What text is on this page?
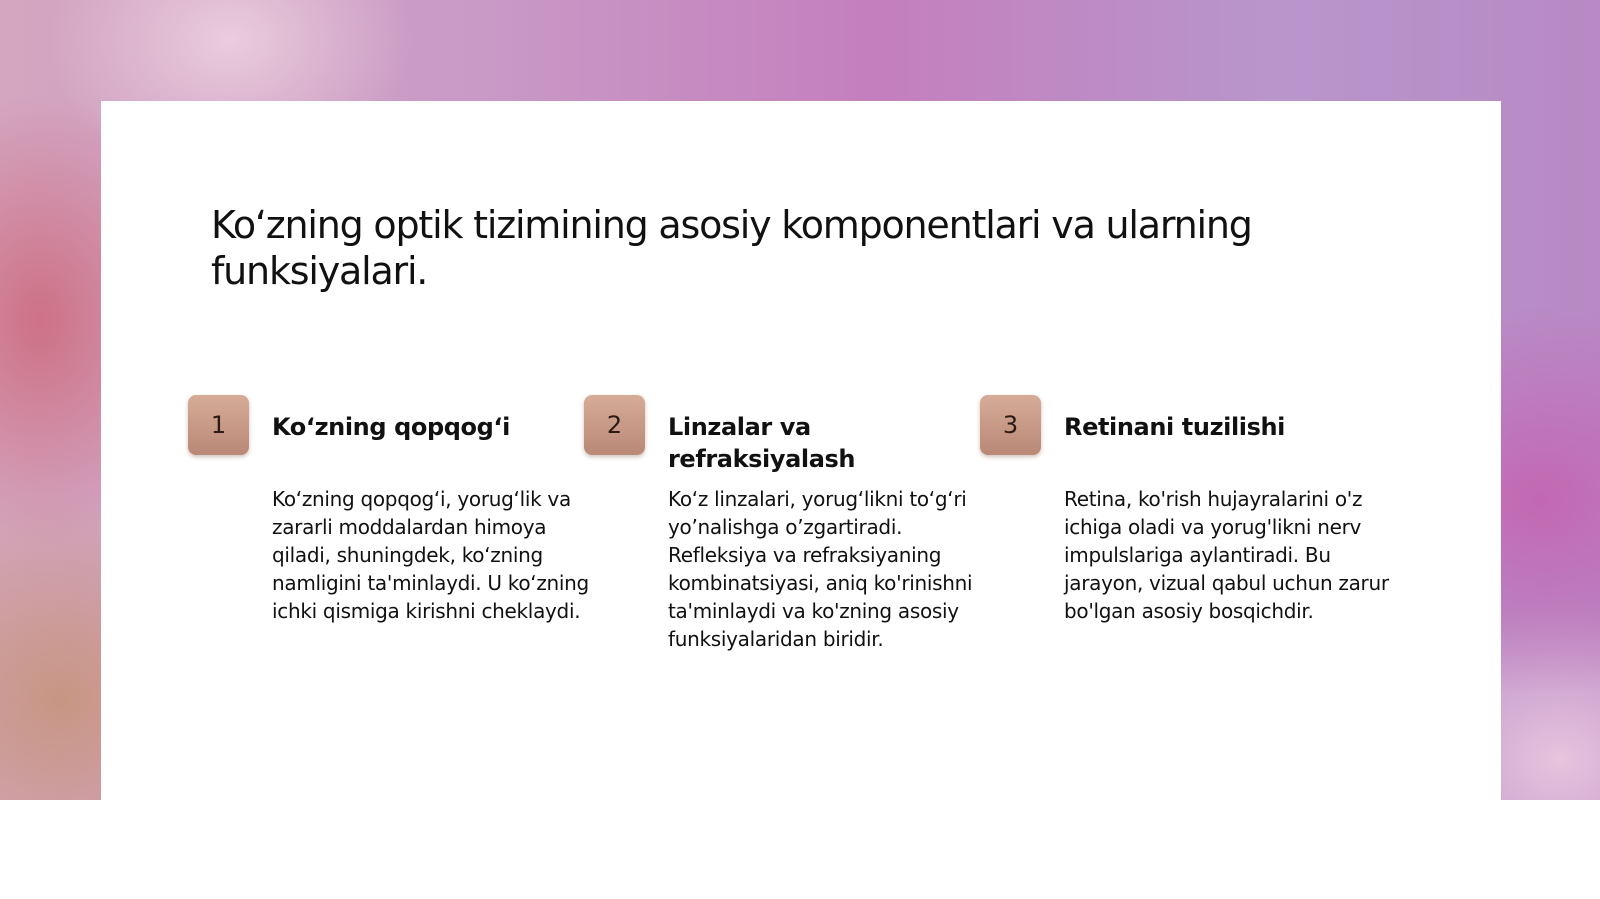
Ko‘zning optik tizimining asosiy komponentlari va ularning funksiyalari.
1	Ko‘zning qopqog‘i

Ko‘zning qopqog‘i, yorug‘lik va zararli moddalardan himoya qiladi, shuningdek, ko‘zning namligini ta'minlaydi. U ko‘zning ichki qismiga kirishni cheklaydi.

2	Linzalar va refraksiyalash

Ko‘z linzalari, yorug‘likni to‘g‘ri yo’nalishga o’zgartiradi. Refleksiya va refraksiyaning kombinatsiyasi, aniq ko'rinishni ta'minlaydi va ko'zning asosiy funksiyalaridan biridir.

3	Retinani tuzilishi

Retina, ko'rish hujayralarini o'z ichiga oladi va yorug'likni nerv impulslariga aylantiradi. Bu jarayon, vizual qabul uchun zarur bo'lgan asosiy bosqichdir.
